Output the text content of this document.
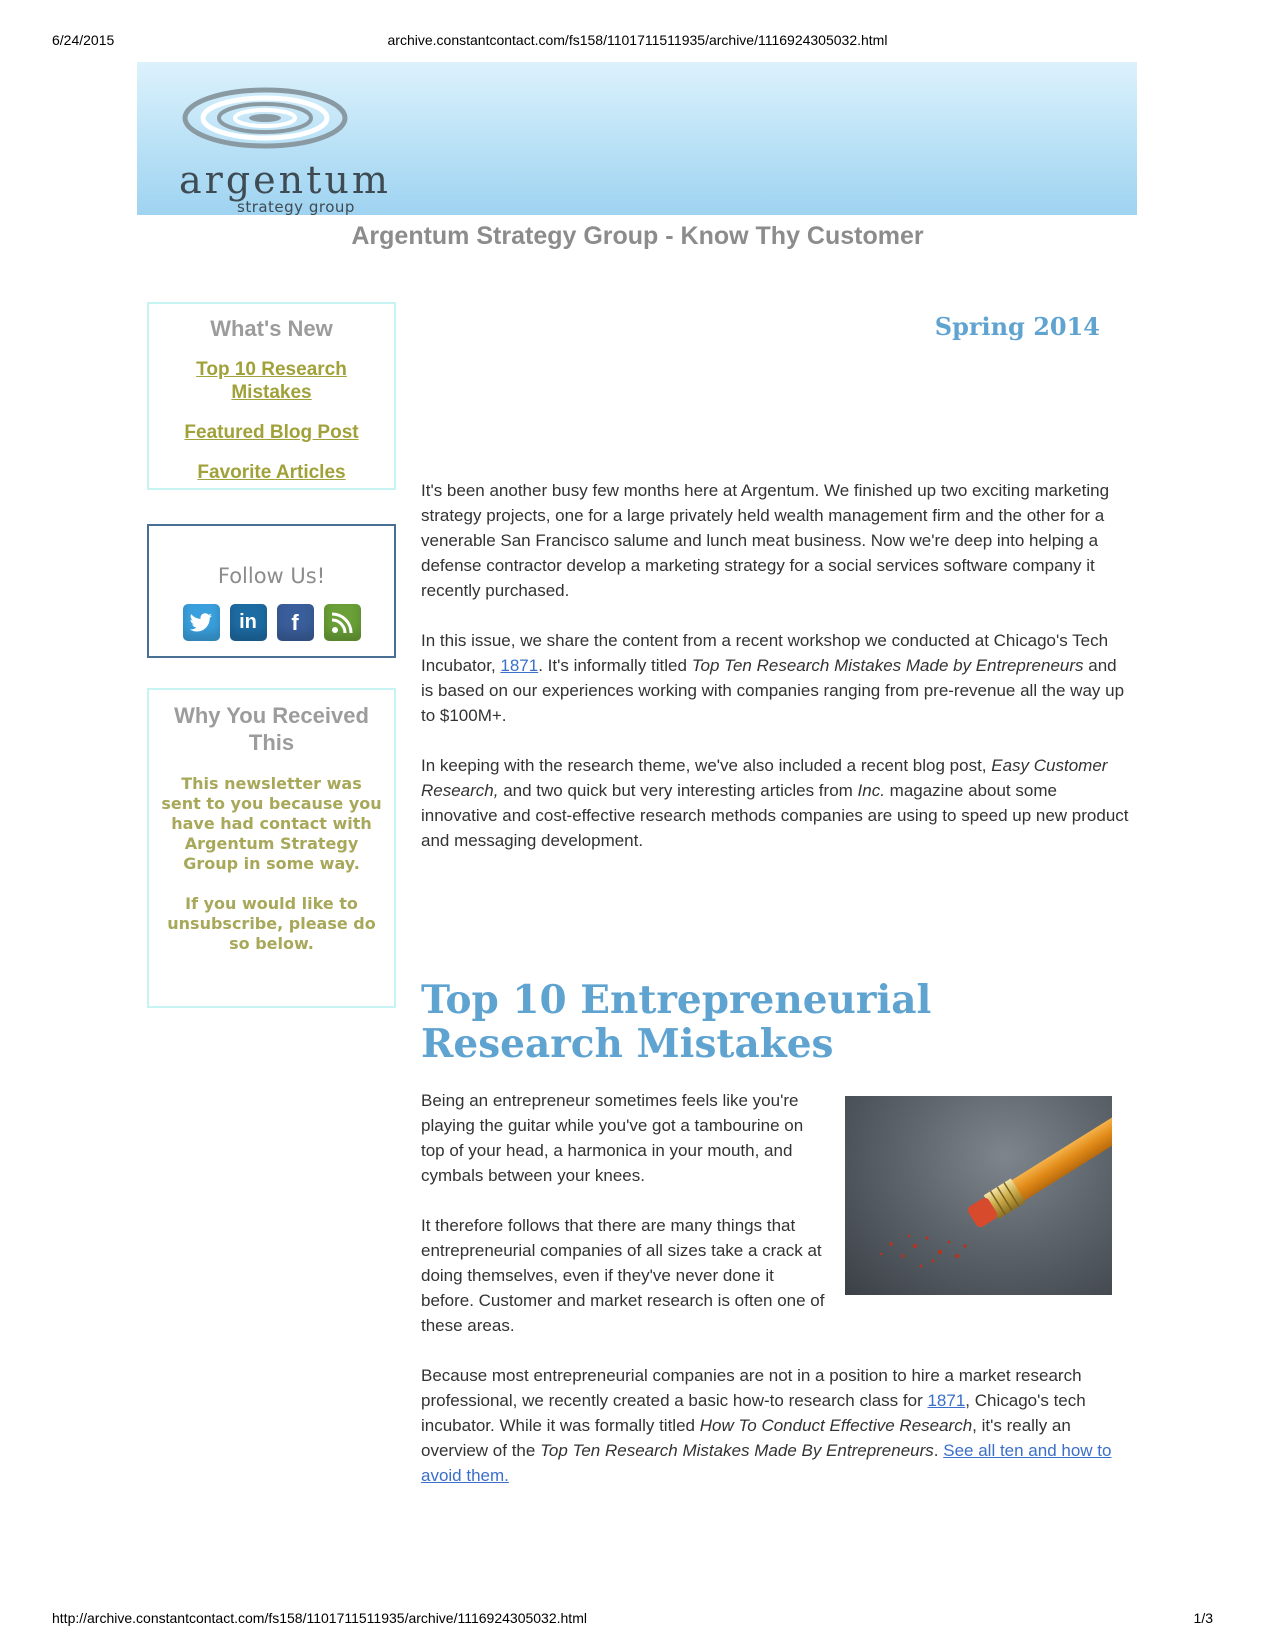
6/24/2015	archive.constantcontact.com/fs158/1101711511935/archive/1116924305032.html
argentum
strategy group
Argentum Strategy Group - Know Thy Customer
What's New
Top 10 Research Mistakes
Featured Blog Post
Favorite Articles
Follow Us!
in	f
Why You Received This
This newsletter was sent to you because you have had contact with Argentum Strategy Group in some way.
If you would like to unsubscribe, please do so below.
Spring 2014

It's been another busy few months here at Argentum. We finished up two exciting marketing strategy projects, one for a large privately held wealth management firm and the other for a venerable San Francisco salume and lunch meat business. Now we're deep into helping a defense contractor develop a marketing strategy for a social services software company it recently purchased.

In this issue, we share the content from a recent workshop we conducted at Chicago's Tech Incubator, 1871. It's informally titled Top Ten Research Mistakes Made by Entrepreneurs and is based on our experiences working with companies ranging from pre-revenue all the way up to $100M+.

In keeping with the research theme, we've also included a recent blog post, Easy Customer Research, and two quick but very interesting articles from Inc. magazine about some innovative and cost-effective research methods companies are using to speed up new product and messaging development.

Top 10 Entrepreneurial Research Mistakes

Being an entrepreneur sometimes feels like you're playing the guitar while you've got a tambourine on top of your head, a harmonica in your mouth, and cymbals between your knees.

It therefore follows that there are many things that entrepreneurial companies of all sizes take a crack at doing themselves, even if they've never done it before. Customer and market research is often one of these areas.

Because most entrepreneurial companies are not in a position to hire a market research professional, we recently created a basic how-to research class for 1871, Chicago's tech incubator. While it was formally titled How To Conduct Effective Research, it's really an overview of the Top Ten Research Mistakes Made By Entrepreneurs. See all ten and how to avoid them.

http://archive.constantcontact.com/fs158/1101711511935/archive/1116924305032.html	1/3
